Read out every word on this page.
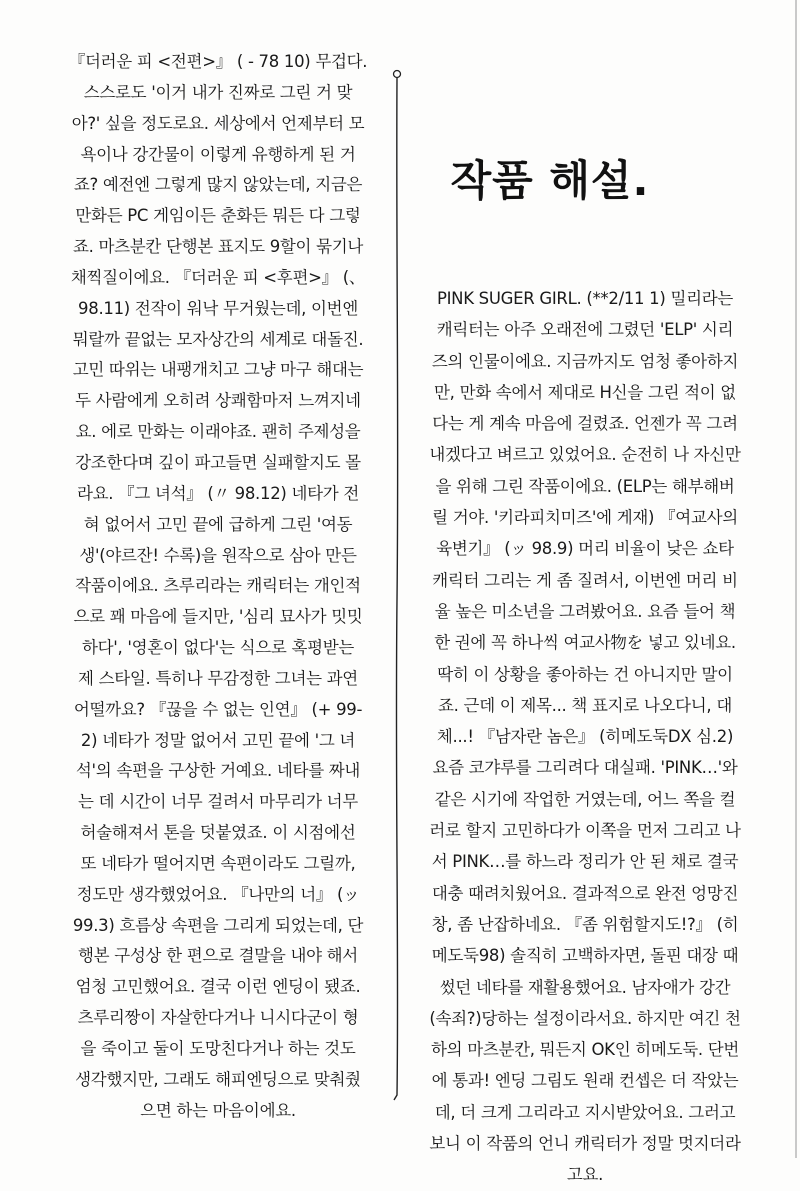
작품 해설.
『더러운 피 <전편>』 ( - 78 10) 무겁다.
스스로도 '이거 내가 진짜로 그린 거 맞
아?' 싶을 정도로요. 세상에서 언제부터 모
욕이나 강간물이 이렇게 유행하게 된 거
죠? 예전엔 그렇게 많지 않았는데, 지금은
만화든 PC 게임이든 춘화든 뭐든 다 그렇
죠. 마츠분칸 단행본 표지도 9할이 묶기나
채찍질이에요. 『더러운 피 <후편>』 (、
98.11) 전작이 워낙 무거웠는데, 이번엔
뭐랄까 끝없는 모자상간의 세계로 대돌진.
고민 따위는 내팽개치고 그냥 마구 해대는
두 사람에게 오히려 상쾌함마저 느껴지네
요. 에로 만화는 이래야죠. 괜히 주제성을
강조한다며 깊이 파고들면 실패할지도 몰
라요. 『그 녀석』 (〃 98.12) 네타가 전
혀 없어서 고민 끝에 급하게 그린 '여동
생'(야르잔! 수록)을 원작으로 삼아 만든
작품이에요. 츠루리라는 캐릭터는 개인적
으로 꽤 마음에 들지만, '심리 묘사가 밋밋
하다', '영혼이 없다'는 식으로 혹평받는
제 스타일. 특히나 무감정한 그녀는 과연
어떨까요? 『끊을 수 없는 인연』 (+ 99-
2) 네타가 정말 없어서 고민 끝에 '그 녀
석'의 속편을 구상한 거예요. 네타를 짜내
는 데 시간이 너무 걸려서 마무리가 너무
허술해져서 톤을 덧붙였죠. 이 시점에선
또 네타가 떨어지면 속편이라도 그릴까,
정도만 생각했었어요. 『나만의 너』 (ッ
99.3) 흐름상 속편을 그리게 되었는데, 단
행본 구성상 한 편으로 결말을 내야 해서
엄청 고민했어요. 결국 이런 엔딩이 됐죠.
츠루리짱이 자살한다거나 니시다군이 형
을 죽이고 둘이 도망친다거나 하는 것도
생각했지만, 그래도 해피엔딩으로 맞춰줬
으면 하는 마음이에요.
PINK SUGER GIRL. (**2/11 1) 밀리라는
캐릭터는 아주 오래전에 그렸던 'ELP' 시리
즈의 인물이에요. 지금까지도 엄청 좋아하지
만, 만화 속에서 제대로 H신을 그린 적이 없
다는 게 계속 마음에 걸렸죠. 언젠가 꼭 그려
내겠다고 벼르고 있었어요. 순전히 나 자신만
을 위해 그린 작품이에요. (ELP는 해부해버
릴 거야. '키라피치미즈'에 게재) 『여교사의
육변기』 (ッ 98.9) 머리 비율이 낮은 쇼타
캐릭터 그리는 게 좀 질려서, 이번엔 머리 비
율 높은 미소년을 그려봤어요. 요즘 들어 책
한 권에 꼭 하나씩 여교사物を 넣고 있네요.
딱히 이 상황을 좋아하는 건 아니지만 말이
죠. 근데 이 제목... 책 표지로 나오다니, 대
체...! 『남자란 놈은』 (히메도둑DX 심.2)
요즘 코갸루를 그리려다 대실패. 'PINK…'와
같은 시기에 작업한 거였는데, 어느 쪽을 컬
러로 할지 고민하다가 이쪽을 먼저 그리고 나
서 PINK…를 하느라 정리가 안 된 채로 결국
대충 때려치웠어요. 결과적으로 완전 엉망진
창, 좀 난잡하네요. 『좀 위험할지도!?』 (히
메도둑98) 솔직히 고백하자면, 돌핀 대장 때
썼던 네타를 재활용했어요. 남자애가 강간
(속죄?)당하는 설정이라서요. 하지만 여긴 천
하의 마츠분칸, 뭐든지 OK인 히메도둑. 단번
에 통과! 엔딩 그림도 원래 컨셉은 더 작았는
데, 더 크게 그리라고 지시받았어요. 그러고
보니 이 작품의 언니 캐릭터가 정말 멋지더라
고요.
